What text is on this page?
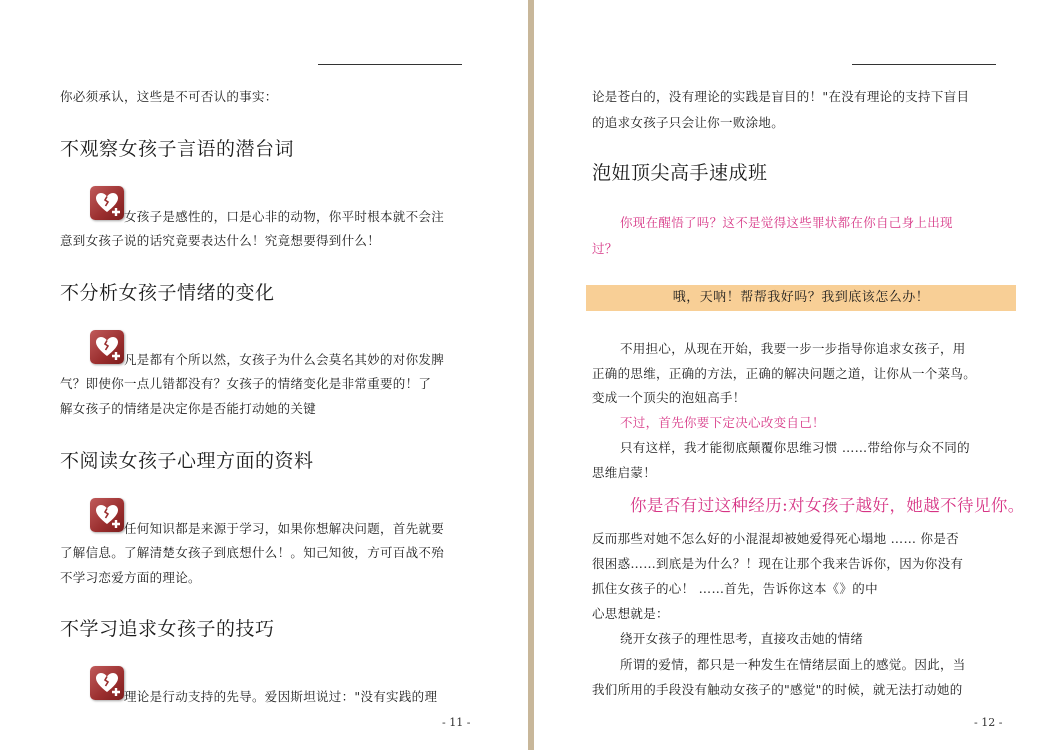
你必须承认，这些是不可否认的事实：
不观察女孩子言语的潜台词
女孩子是感性的，口是心非的动物，你平时根本就不会注
意到女孩子说的话究竟要表达什么！究竟想要得到什么！
不分析女孩子情绪的变化
凡是都有个所以然，女孩子为什么会莫名其妙的对你发脾
气？即使你一点儿错都没有？女孩子的情绪变化是非常重要的！了
解女孩子的情绪是决定你是否能打动她的关键
不阅读女孩子心理方面的资料
任何知识都是来源于学习，如果你想解决问题，首先就要
了解信息。了解清楚女孩子到底想什么！。知己知彼，方可百战不殆
不学习恋爱方面的理论。
不学习追求女孩子的技巧
理论是行动支持的先导。爱因斯坦说过："没有实践的理
- 11 -
论是苍白的，没有理论的实践是盲目的！"在没有理论的支持下盲目
的追求女孩子只会让你一败涂地。
泡妞顶尖高手速成班
你现在醒悟了吗？这不是觉得这些罪状都在你自己身上出现
过？
哦，天呐！帮帮我好吗？我到底该怎么办！
不用担心，从现在开始，我要一步一步指导你追求女孩子，用
正确的思维，正确的方法，正确的解决问题之道，让你从一个菜鸟。
变成一个顶尖的泡妞高手！
不过，首先你要下定决心改变自己！
只有这样，我才能彻底颠覆你思维习惯 ……带给你与众不同的
思维启蒙！
你是否有过这种经历:对女孩子越好，她越不待见你。
反而那些对她不怎么好的小混混却被她爱得死心塌地 …… 你是否
很困惑……到底是为什么？！现在让那个我来告诉你，因为你没有
抓住女孩子的心！ ……首先，告诉你这本《》的中
心思想就是：
绕开女孩子的理性思考，直接攻击她的情绪
所谓的爱情，都只是一种发生在情绪层面上的感觉。因此，当
我们所用的手段没有触动女孩子的"感觉"的时候，就无法打动她的
- 12 -
